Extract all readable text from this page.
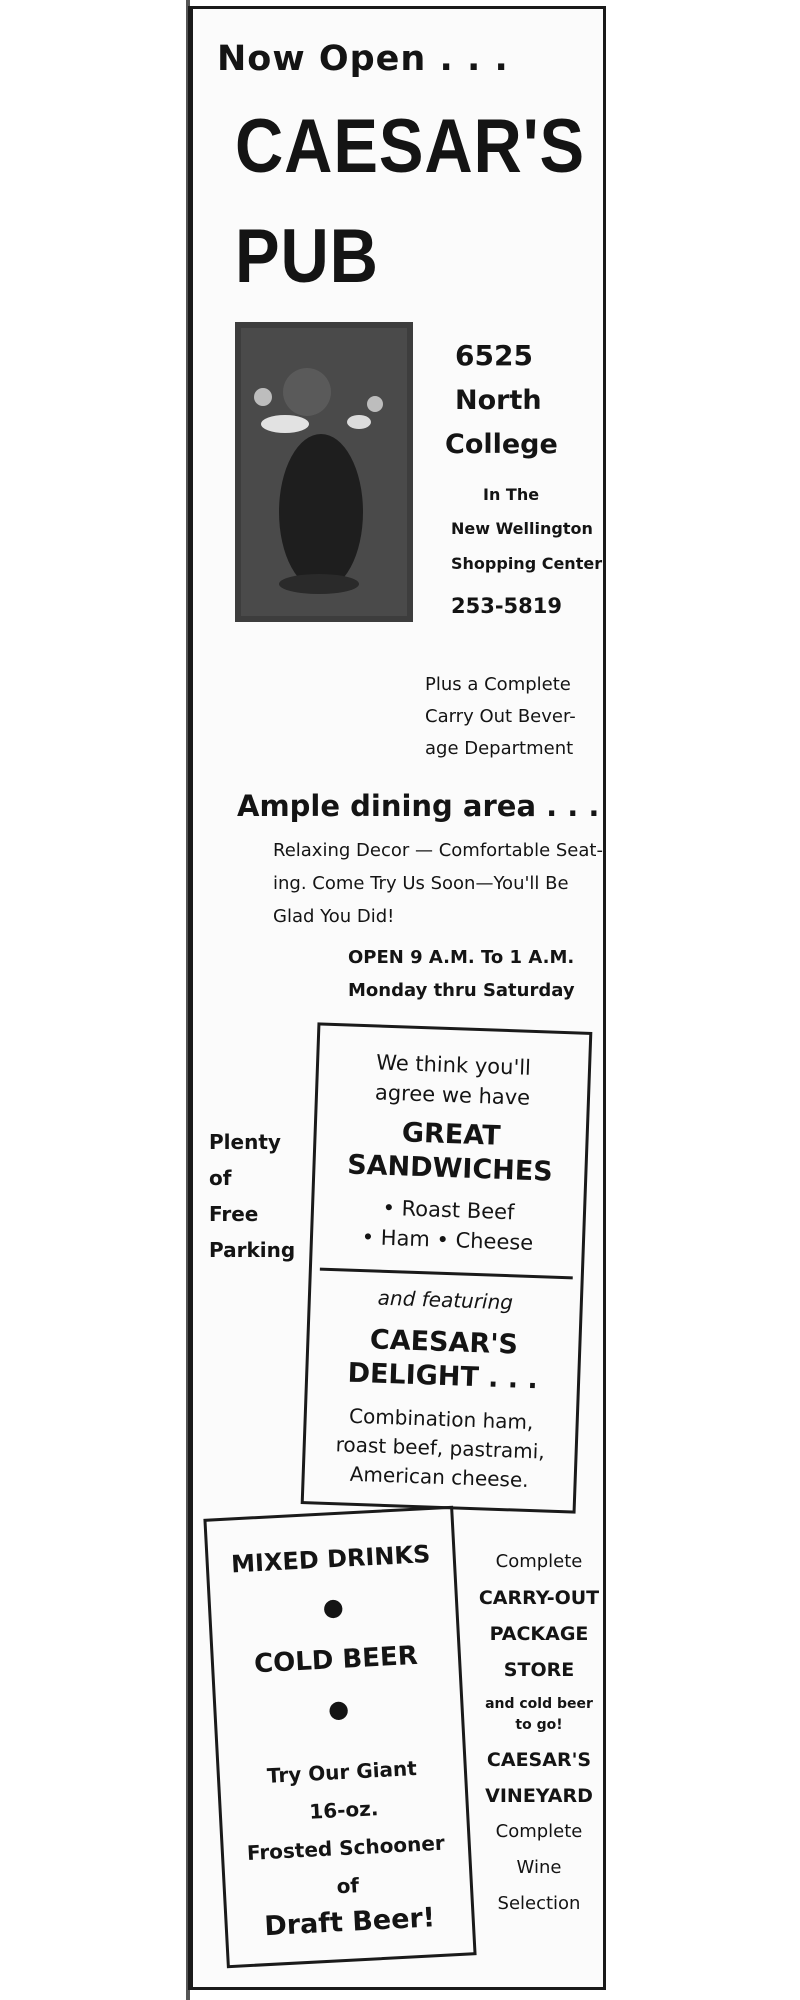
Now Open . . .

CAESAR'S

PUB

6525

North

College

In The

New Wellington

Shopping Center

253-5819

Plus a Complete
Carry Out Bever-
age Department

Ample dining area . . .

Relaxing Decor — Comfortable Seat-
ing. Come Try Us Soon—You'll Be
Glad You Did!

OPEN 9 A.M. To 1 A.M.
Monday thru Saturday

Plenty
of
Free
Parking

We think you'll
agree we have

GREAT
SANDWICHES

• Roast Beef
• Ham • Cheese

and featuring

CAESAR'S
DELIGHT . . .

Combination ham,
roast beef, pastrami,
American cheese.

MIXED DRINKS

●

COLD BEER

●

Try Our Giant
16-oz.
Frosted Schooner
of

Draft Beer!

Complete
CARRY-OUT
PACKAGE
STORE
and cold beer
to go!
CAESAR'S
VINEYARD
Complete
Wine
Selection
